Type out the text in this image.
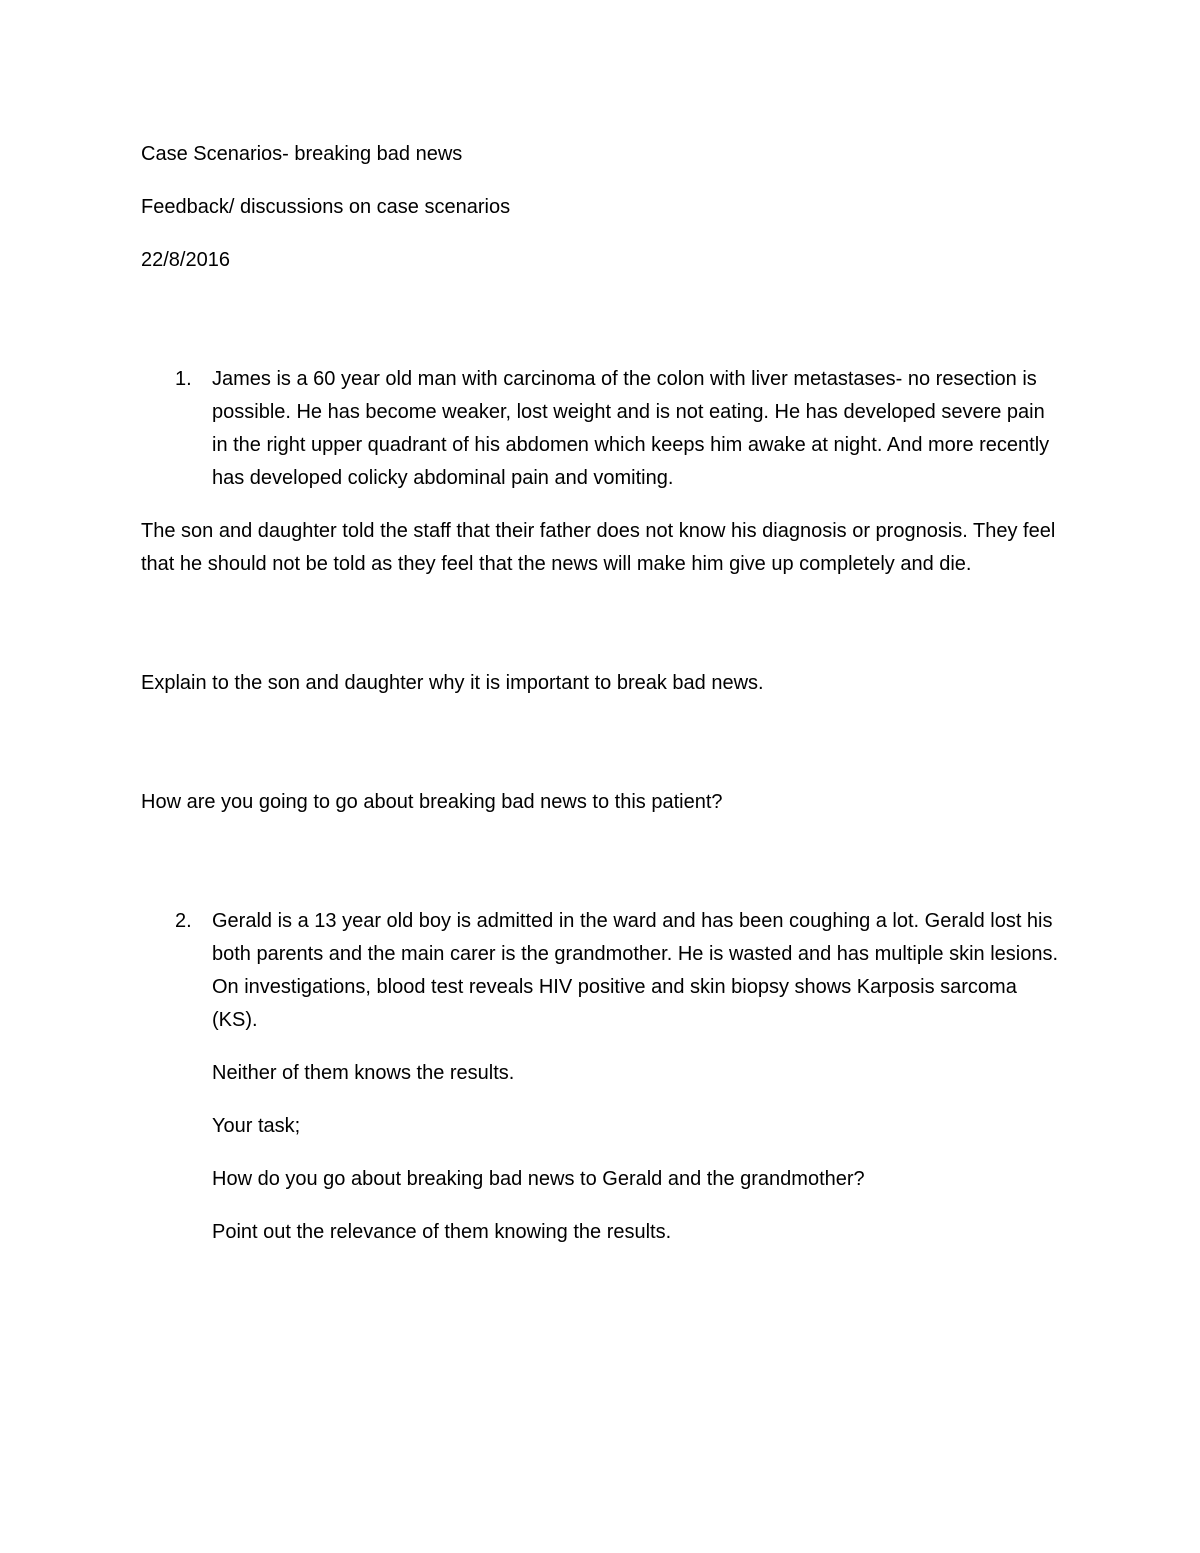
Case Scenarios- breaking bad news

Feedback/ discussions on case scenarios

22/8/2016

1. James is a 60 year old man with carcinoma of the colon with liver metastases- no resection is possible. He has become weaker, lost weight and is not eating. He has developed severe pain in the right upper quadrant of his abdomen which keeps him awake at night. And more recently has developed colicky abdominal pain and vomiting.

The son and daughter told the staff that their father does not know his diagnosis or prognosis. They feel that he should not be told as they feel that the news will make him give up completely and die.

Explain to the son and daughter why it is important to break bad news.

How are you going to go about breaking bad news to this patient?

2. Gerald is a 13 year old boy is admitted in the ward and has been coughing a lot. Gerald lost his both parents and the main carer is the grandmother. He is wasted and has multiple skin lesions. On investigations, blood test reveals HIV positive and skin biopsy shows Karposis sarcoma (KS).

Neither of them knows the results.

Your task;

How do you go about breaking bad news to Gerald and the grandmother?

Point out the relevance of them knowing the results.
